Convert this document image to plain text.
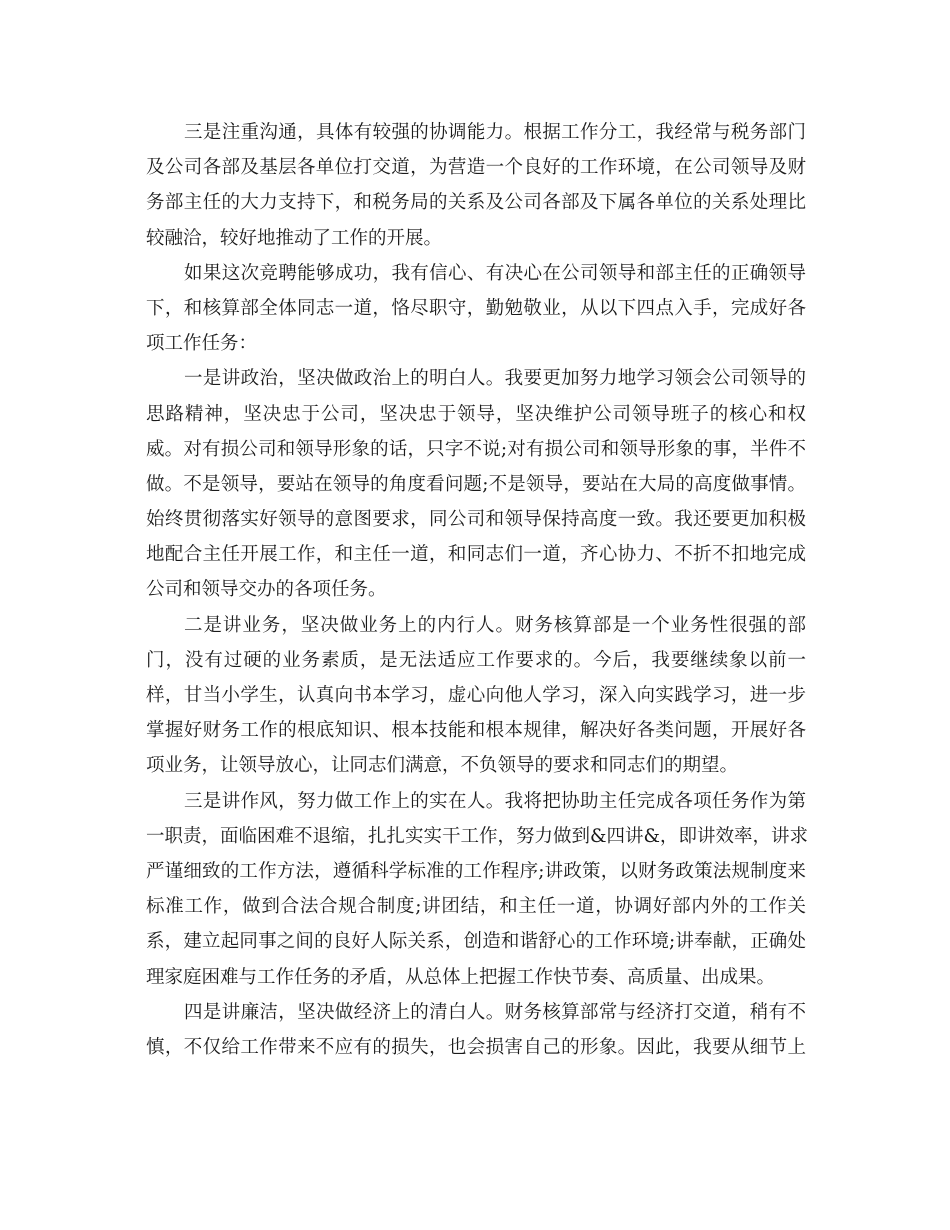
三是注重沟通，具体有较强的协调能力。根据工作分工，我经常与税务部门
及公司各部及基层各单位打交道，为营造一个良好的工作环境，在公司领导及财
务部主任的大力支持下，和税务局的关系及公司各部及下属各单位的关系处理比
较融洽，较好地推动了工作的开展。
如果这次竞聘能够成功，我有信心、有决心在公司领导和部主任的正确领导
下，和核算部全体同志一道，恪尽职守，勤勉敬业，从以下四点入手，完成好各
项工作任务：
一是讲政治，坚决做政治上的明白人。我要更加努力地学习领会公司领导的
思路精神，坚决忠于公司，坚决忠于领导，坚决维护公司领导班子的核心和权
威。对有损公司和领导形象的话，只字不说;对有损公司和领导形象的事，半件不
做。不是领导，要站在领导的角度看问题;不是领导，要站在大局的高度做事情。
始终贯彻落实好领导的意图要求，同公司和领导保持高度一致。我还要更加积极
地配合主任开展工作，和主任一道，和同志们一道，齐心协力、不折不扣地完成
公司和领导交办的各项任务。
二是讲业务，坚决做业务上的内行人。财务核算部是一个业务性很强的部
门，没有过硬的业务素质，是无法适应工作要求的。今后，我要继续象以前一
样，甘当小学生，认真向书本学习，虚心向他人学习，深入向实践学习，进一步
掌握好财务工作的根底知识、根本技能和根本规律，解决好各类问题，开展好各
项业务，让领导放心，让同志们满意，不负领导的要求和同志们的期望。
三是讲作风，努力做工作上的实在人。我将把协助主任完成各项任务作为第
一职责，面临困难不退缩，扎扎实实干工作，努力做到&四讲&，即讲效率，讲求
严谨细致的工作方法，遵循科学标准的工作程序;讲政策，以财务政策法规制度来
标准工作，做到合法合规合制度;讲团结，和主任一道，协调好部内外的工作关
系，建立起同事之间的良好人际关系，创造和谐舒心的工作环境;讲奉献，正确处
理家庭困难与工作任务的矛盾，从总体上把握工作快节奏、高质量、出成果。
四是讲廉洁，坚决做经济上的清白人。财务核算部常与经济打交道，稍有不
慎，不仅给工作带来不应有的损失，也会损害自己的形象。因此，我要从细节上
